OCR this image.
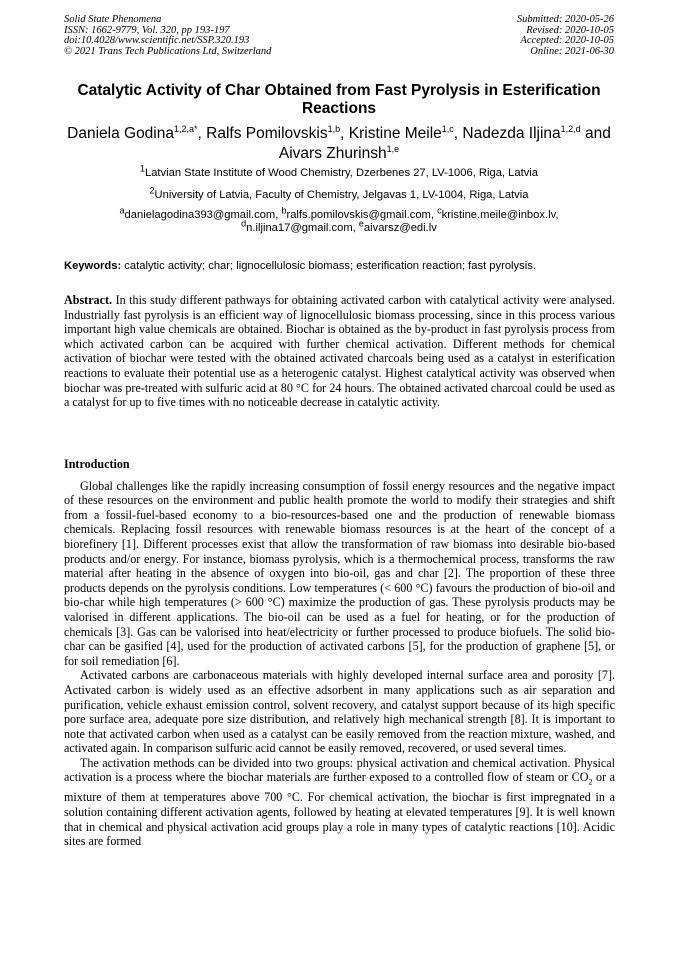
Solid State Phenomena
ISSN: 1662-9779, Vol. 320, pp 193-197
doi:10.4028/www.scientific.net/SSP.320.193
© 2021 Trans Tech Publications Ltd, Switzerland
Submitted: 2020-05-26
Revised: 2020-10-05
Accepted: 2020-10-05
Online: 2021-06-30
Catalytic Activity of Char Obtained from Fast Pyrolysis in Esterification Reactions
Daniela Godina$^{1,2,a*}$, Ralfs Pomilovskis$^{1,b}$, Kristine Meile$^{1,c}$, Nadezda Iljina$^{1,2,d}$ and Aivars Zhurinsh$^{1,e}$
$^1$Latvian State Institute of Wood Chemistry, Dzerbenes 27, LV-1006, Riga, Latvia
$^2$University of Latvia, Faculty of Chemistry, Jelgavas 1, LV-1004, Riga, Latvia
$^a$danielagodina393@gmail.com, $^b$ralfs.pomilovskis@gmail.com, $^c$kristine.meile@inbox.lv,
$^d$n.iljina17@gmail.com, $^e$aivarsz@edi.lv
Keywords: catalytic activity; char; lignocellulosic biomass; esterification reaction; fast pyrolysis.

Abstract. In this study different pathways for obtaining activated carbon with catalytical activity were analysed. Industrially fast pyrolysis is an efficient way of lignocellulosic biomass processing, since in this process various important high value chemicals are obtained. Biochar is obtained as the by-product in fast pyrolysis process from which activated carbon can be acquired with further chemical activation. Different methods for chemical activation of biochar were tested with the obtained activated charcoals being used as a catalyst in esterification reactions to evaluate their potential use as a heterogenic catalyst. Highest catalytical activity was observed when biochar was pre-treated with sulfuric acid at 80 °C for 24 hours. The obtained activated charcoal could be used as a catalyst for up to five times with no noticeable decrease in catalytic activity.

Introduction

Global challenges like the rapidly increasing consumption of fossil energy resources and the negative impact of these resources on the environment and public health promote the world to modify their strategies and shift from a fossil-fuel-based economy to a bio-resources-based one and the production of renewable biomass chemicals. Replacing fossil resources with renewable biomass resources is at the heart of the concept of a biorefinery [1]. Different processes exist that allow the transformation of raw biomass into desirable bio-based products and/or energy. For instance, biomass pyrolysis, which is a thermochemical process, transforms the raw material after heating in the absence of oxygen into bio-oil, gas and char [2]. The proportion of these three products depends on the pyrolysis conditions. Low temperatures (< 600 °C) favours the production of bio-oil and bio-char while high temperatures (> 600 °C) maximize the production of gas. These pyrolysis products may be valorised in different applications. The bio-oil can be used as a fuel for heating, or for the production of chemicals [3]. Gas can be valorised into heat/electricity or further processed to produce biofuels. The solid bio-char can be gasified [4], used for the production of activated carbons [5], for the production of graphene [5], or for soil remediation [6].

Activated carbons are carbonaceous materials with highly developed internal surface area and porosity [7]. Activated carbon is widely used as an effective adsorbent in many applications such as air separation and purification, vehicle exhaust emission control, solvent recovery, and catalyst support because of its high specific pore surface area, adequate pore size distribution, and relatively high mechanical strength [8]. It is important to note that activated carbon when used as a catalyst can be easily removed from the reaction mixture, washed, and activated again. In comparison sulfuric acid cannot be easily removed, recovered, or used several times.

The activation methods can be divided into two groups: physical activation and chemical activation. Physical activation is a process where the biochar materials are further exposed to a controlled flow of steam or $CO_2$ or a mixture of them at temperatures above 700 °C. For chemical activation, the biochar is first impregnated in a solution containing different activation agents, followed by heating at elevated temperatures [9]. It is well known that in chemical and physical activation acid groups play a role in many types of catalytic reactions [10]. Acidic sites are formed
